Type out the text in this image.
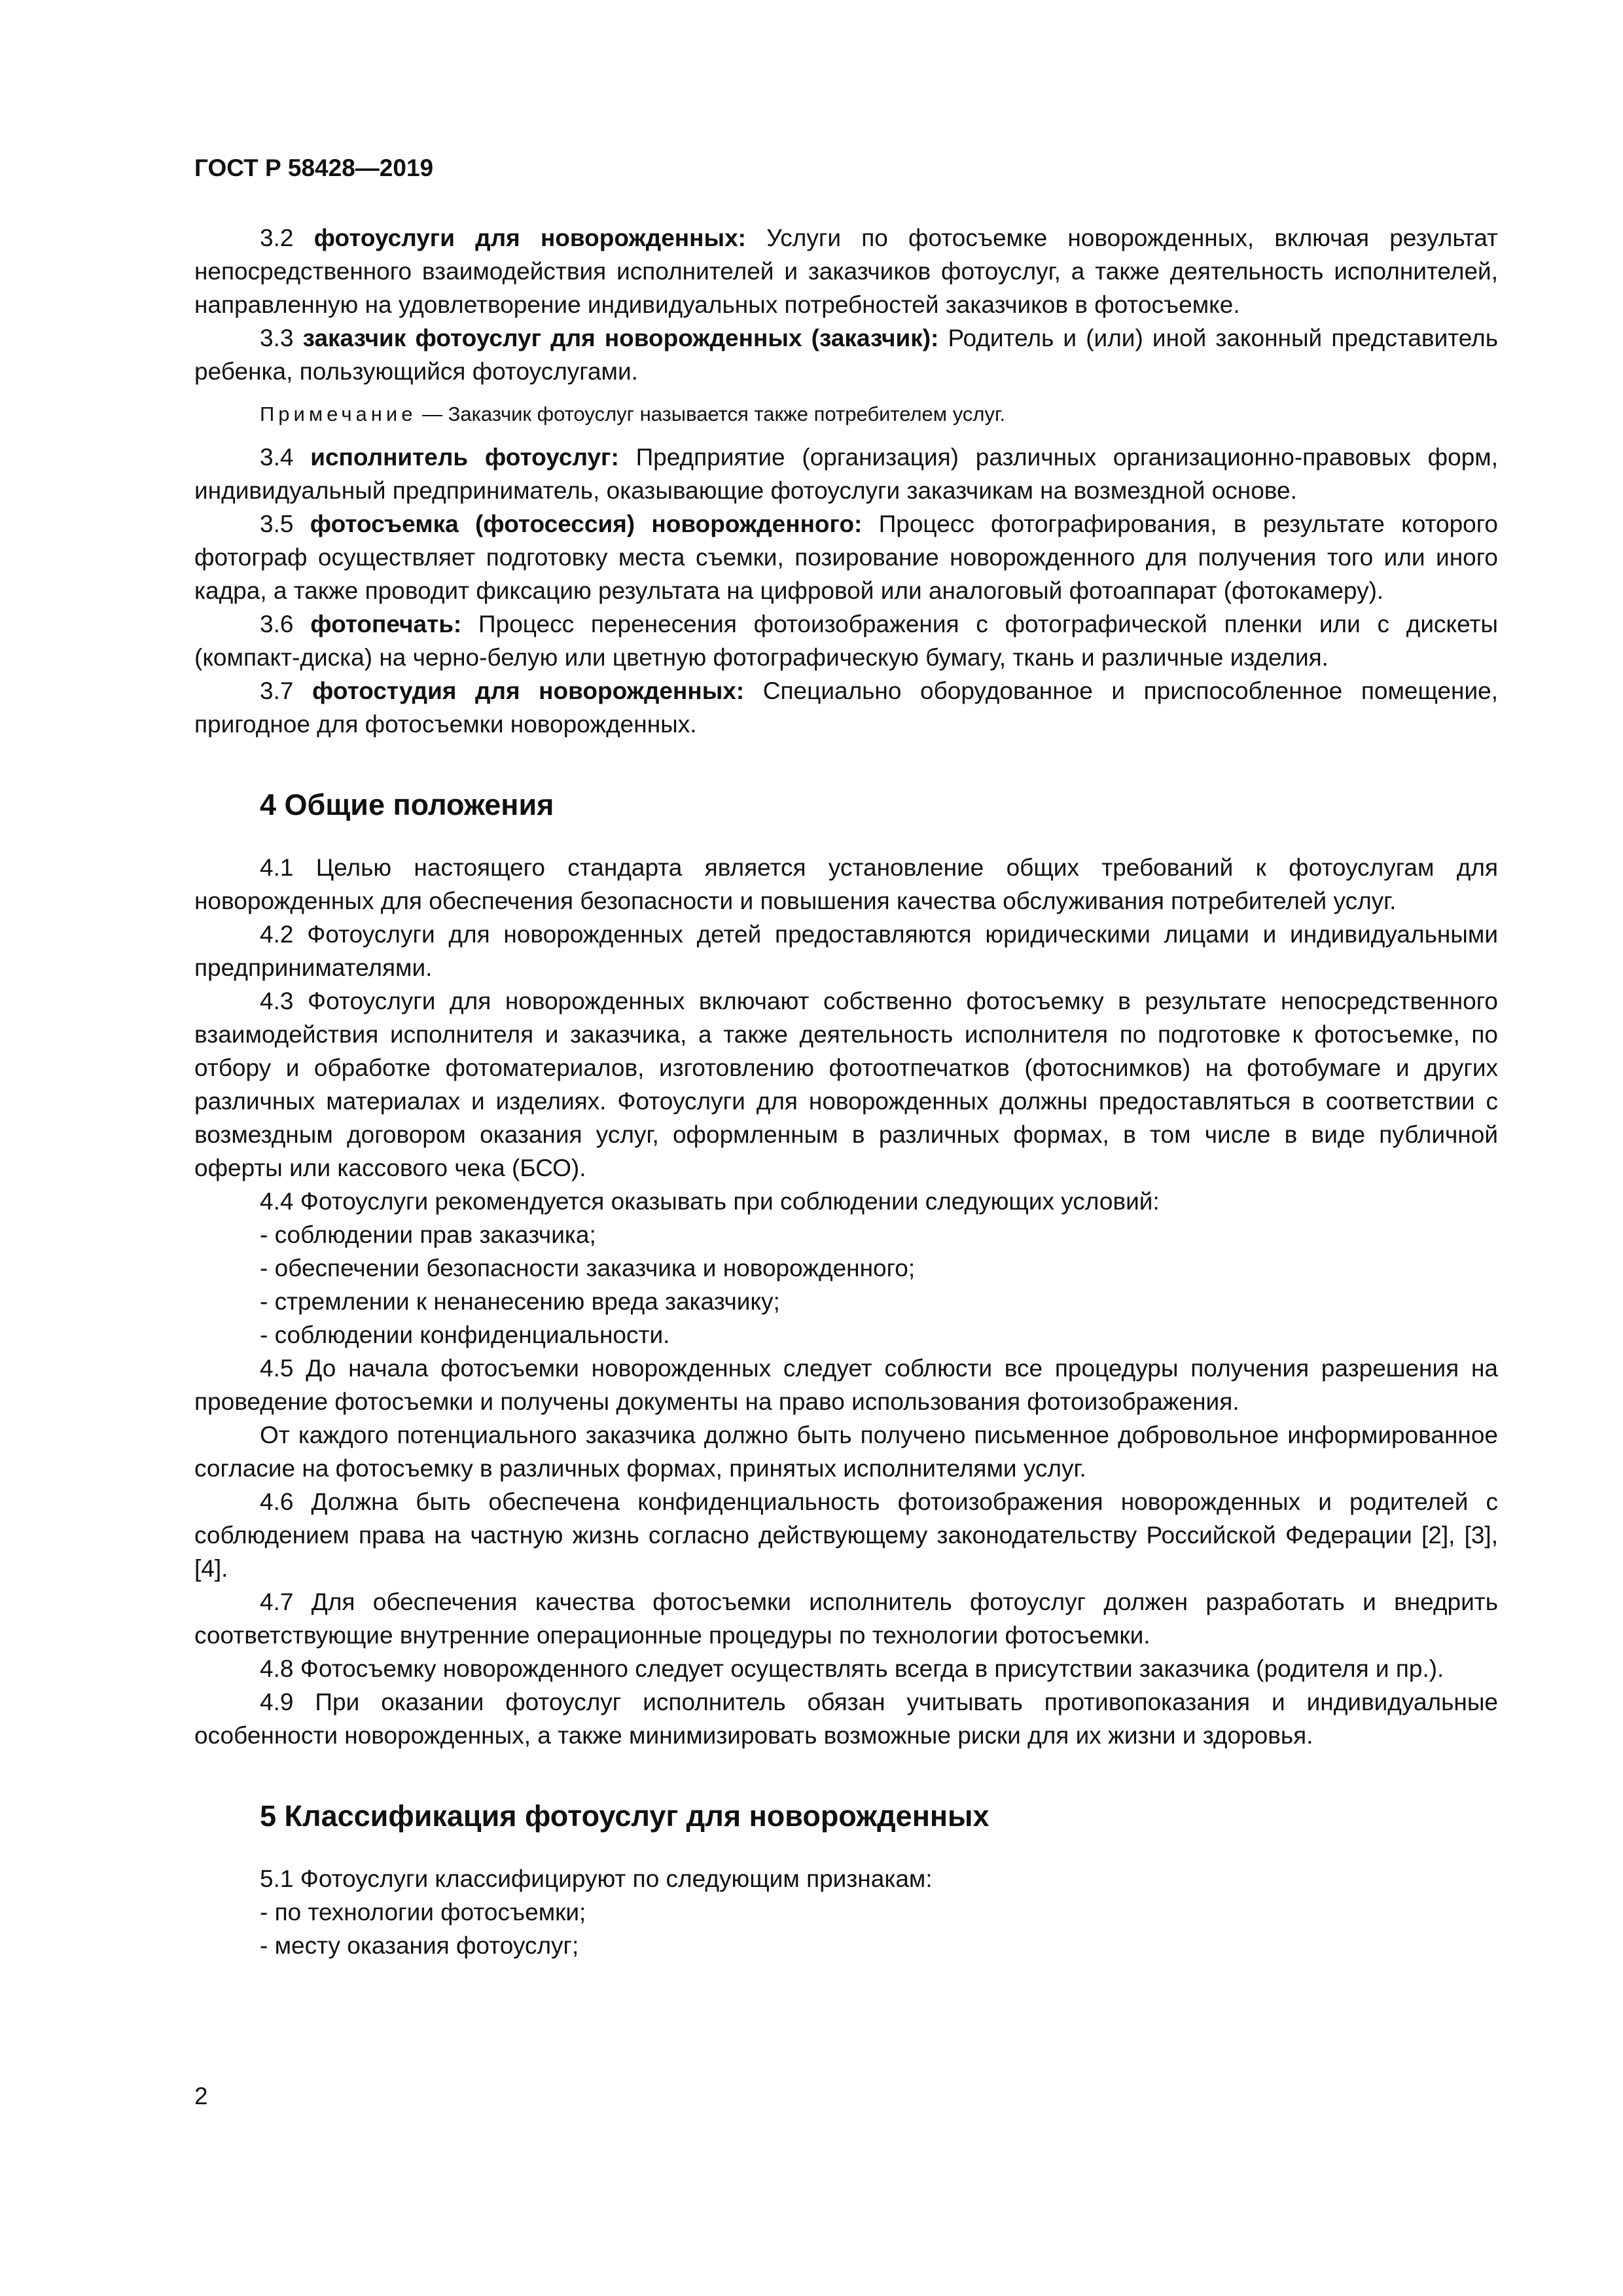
ГОСТ Р 58428—2019

3.2 фотоуслуги для новорожденных: Услуги по фотосъемке новорожденных, включая результат непосредственного взаимодействия исполнителей и заказчиков фотоуслуг, а также деятельность исполнителей, направленную на удовлетворение индивидуальных потребностей заказчиков в фотосъемке.

3.3 заказчик фотоуслуг для новорожденных (заказчик): Родитель и (или) иной законный представитель ребенка, пользующийся фотоуслугами.

Примечание — Заказчик фотоуслуг называется также потребителем услуг.

3.4 исполнитель фотоуслуг: Предприятие (организация) различных организационно-правовых форм, индивидуальный предприниматель, оказывающие фотоуслуги заказчикам на возмездной основе.

3.5 фотосъемка (фотосессия) новорожденного: Процесс фотографирования, в результате которого фотограф осуществляет подготовку места съемки, позирование новорожденного для получения того или иного кадра, а также проводит фиксацию результата на цифровой или аналоговый фотоаппарат (фотокамеру).

3.6 фотопечать: Процесс перенесения фотоизображения с фотографической пленки или с дискеты (компакт-диска) на черно-белую или цветную фотографическую бумагу, ткань и различные изделия.

3.7 фотостудия для новорожденных: Специально оборудованное и приспособленное помещение, пригодное для фотосъемки новорожденных.

4 Общие положения

4.1 Целью настоящего стандарта является установление общих требований к фотоуслугам для новорожденных для обеспечения безопасности и повышения качества обслуживания потребителей услуг.

4.2 Фотоуслуги для новорожденных детей предоставляются юридическими лицами и индивидуальными предпринимателями.

4.3 Фотоуслуги для новорожденных включают собственно фотосъемку в результате непосредственного взаимодействия исполнителя и заказчика, а также деятельность исполнителя по подготовке к фотосъемке, по отбору и обработке фотоматериалов, изготовлению фотоотпечатков (фотоснимков) на фотобумаге и других различных материалах и изделиях. Фотоуслуги для новорожденных должны предоставляться в соответствии с возмездным договором оказания услуг, оформленным в различных формах, в том числе в виде публичной оферты или кассового чека (БСО).

4.4 Фотоуслуги рекомендуется оказывать при соблюдении следующих условий:

- соблюдении прав заказчика;

- обеспечении безопасности заказчика и новорожденного;

- стремлении к ненанесению вреда заказчику;

- соблюдении конфиденциальности.

4.5 До начала фотосъемки новорожденных следует соблюсти все процедуры получения разрешения на проведение фотосъемки и получены документы на право использования фотоизображения.

От каждого потенциального заказчика должно быть получено письменное добровольное информированное согласие на фотосъемку в различных формах, принятых исполнителями услуг.

4.6 Должна быть обеспечена конфиденциальность фотоизображения новорожденных и родителей с соблюдением права на частную жизнь согласно действующему законодательству Российской Федерации [2], [3], [4].

4.7 Для обеспечения качества фотосъемки исполнитель фотоуслуг должен разработать и внедрить соответствующие внутренние операционные процедуры по технологии фотосъемки.

4.8 Фотосъемку новорожденного следует осуществлять всегда в присутствии заказчика (родителя и пр.).

4.9 При оказании фотоуслуг исполнитель обязан учитывать противопоказания и индивидуальные особенности новорожденных, а также минимизировать возможные риски для их жизни и здоровья.

5 Классификация фотоуслуг для новорожденных

5.1 Фотоуслуги классифицируют по следующим признакам:

- по технологии фотосъемки;

- месту оказания фотоуслуг;

2
